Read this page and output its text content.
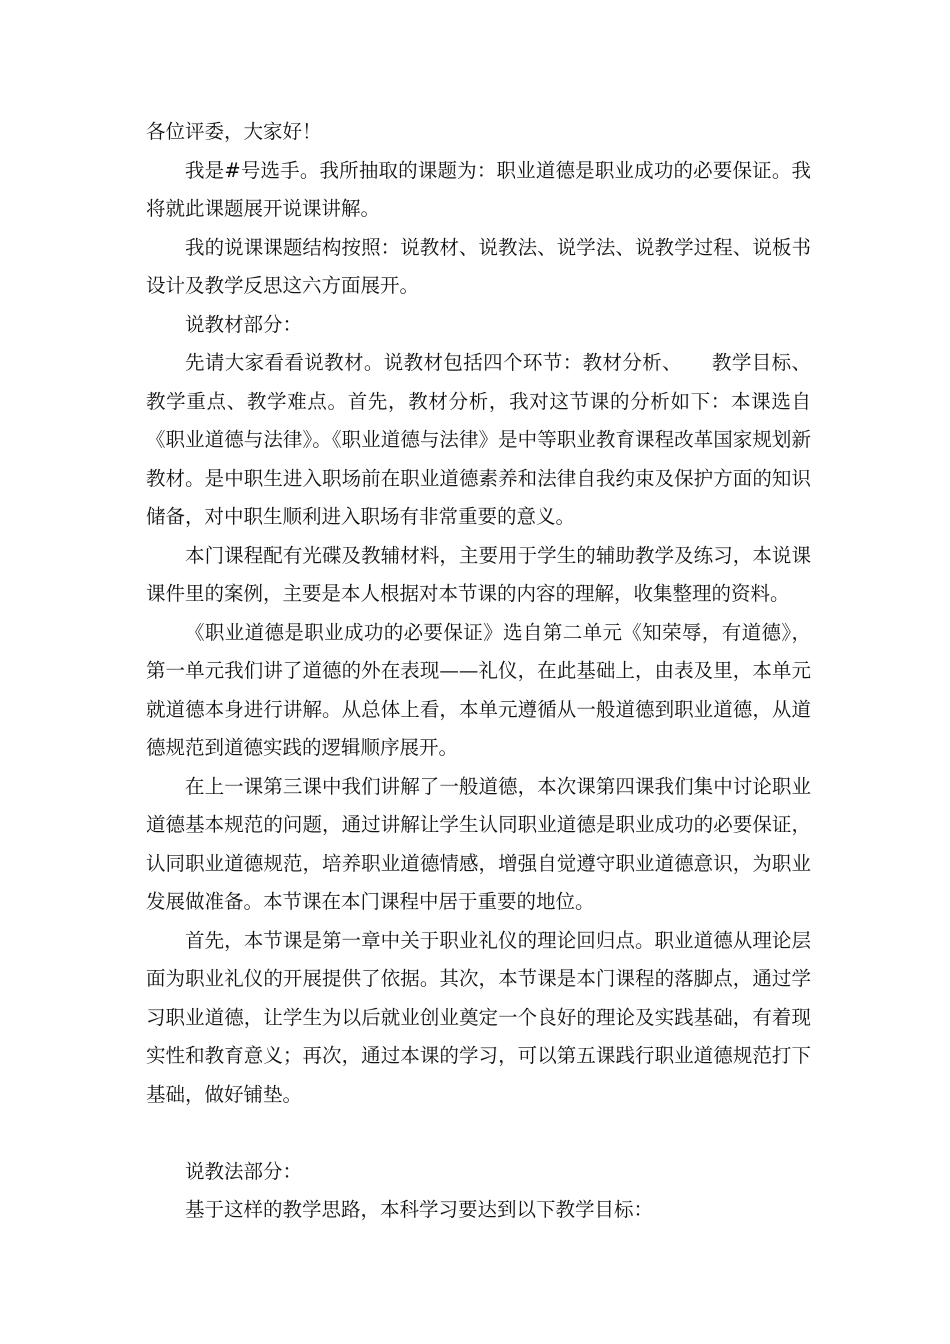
各位评委，大家好！

我是#号选手。我所抽取的课题为：职业道德是职业成功的必要保证。我将就此课题展开说课讲解。

我的说课课题结构按照：说教材、说教法、说学法、说教学过程、说板书设计及教学反思这六方面展开。

说教材部分：

先请大家看看说教材。说教材包括四个环节：教材分析、　　教学目标、教学重点、教学难点。首先，教材分析，我对这节课的分析如下：本课选自《职业道德与法律》。《职业道德与法律》是中等职业教育课程改革国家规划新教材。是中职生进入职场前在职业道德素养和法律自我约束及保护方面的知识储备，对中职生顺利进入职场有非常重要的意义。

本门课程配有光碟及教辅材料，主要用于学生的辅助教学及练习，本说课课件里的案例，主要是本人根据对本节课的内容的理解，收集整理的资料。

《职业道德是职业成功的必要保证》选自第二单元《知荣辱，有道德》，第一单元我们讲了道德的外在表现——礼仪，在此基础上，由表及里，本单元就道德本身进行讲解。从总体上看，本单元遵循从一般道德到职业道德，从道德规范到道德实践的逻辑顺序展开。

在上一课第三课中我们讲解了一般道德，本次课第四课我们集中讨论职业道德基本规范的问题，通过讲解让学生认同职业道德是职业成功的必要保证，认同职业道德规范，培养职业道德情感，增强自觉遵守职业道德意识，为职业发展做准备。本节课在本门课程中居于重要的地位。

首先，本节课是第一章中关于职业礼仪的理论回归点。职业道德从理论层面为职业礼仪的开展提供了依据。其次，本节课是本门课程的落脚点，通过学习职业道德，让学生为以后就业创业奠定一个良好的理论及实践基础，有着现实性和教育意义；再次，通过本课的学习，可以第五课践行职业道德规范打下基础，做好铺垫。

说教法部分：

基于这样的教学思路，本科学习要达到以下教学目标：
